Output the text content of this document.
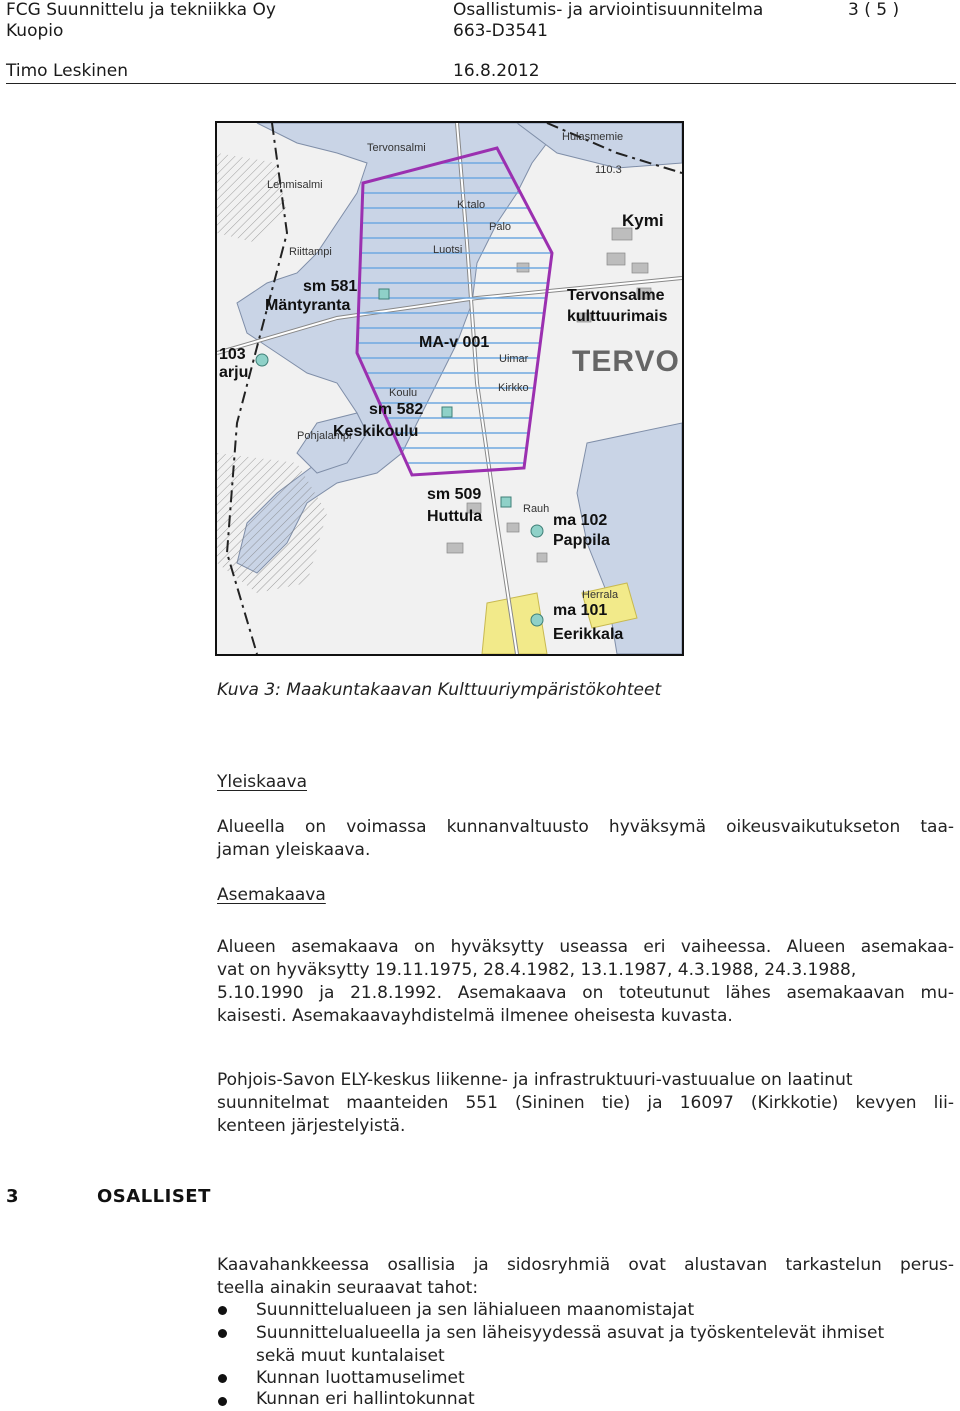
FCG Suunnittelu ja tekniikka Oy
Kuopio
Timo Leskinen
Osallistumis- ja arviointisuunnitelma
663-D3541
16.8.2012
3 ( 5 )
Tervonsalmi
Hulasmemie
110.3
Lehmisalmi
K.talo
Palo
Luotsi
Riittampi
Uimar
Koulu	Kirkko
Pohjalampi
Rauh
Herrala
Kymi
sm 581
Mäntyranta
Tervonsalme
kulttuurimais
103
arju
MA-v 001
sm 582
Keskikoulu
sm 509
Huttula	ma 102
Pappila
ma 101
Eerikkala
TERVO
Kuva 3: Maakuntakaavan Kulttuuriympäristökohteet
Yleiskaava
Alueella on voimassa kunnanvaltuusto hyväksymä oikeusvaikutukseton taa-
jaman yleiskaava.
Asemakaava
Alueen asemakaava on hyväksytty useassa eri vaiheessa. Alueen asemakaa-
vat on hyväksytty 19.11.1975, 28.4.1982, 13.1.1987, 4.3.1988, 24.3.1988,
5.10.1990 ja 21.8.1992. Asemakaava on toteutunut lähes asemakaavan mu-
kaisesti. Asemakaavayhdistelmä ilmenee oheisesta kuvasta.
Pohjois-Savon ELY-keskus liikenne- ja infrastruktuuri-vastuualue on laatinut
suunnitelmat maanteiden 551 (Sininen tie) ja 16097 (Kirkkotie) kevyen lii-
kenteen järjestelyistä.
3	OSALLISET
Kaavahankkeessa osallisia ja sidosryhmiä ovat alustavan tarkastelun perus-
teella ainakin seuraavat tahot:
Suunnittelualueen ja sen lähialueen maanomistajat
Suunnittelualueella ja sen läheisyydessä asuvat ja työskentelevät ihmiset
sekä muut kuntalaiset
Kunnan luottamuselimet
Kunnan eri hallintokunnat
